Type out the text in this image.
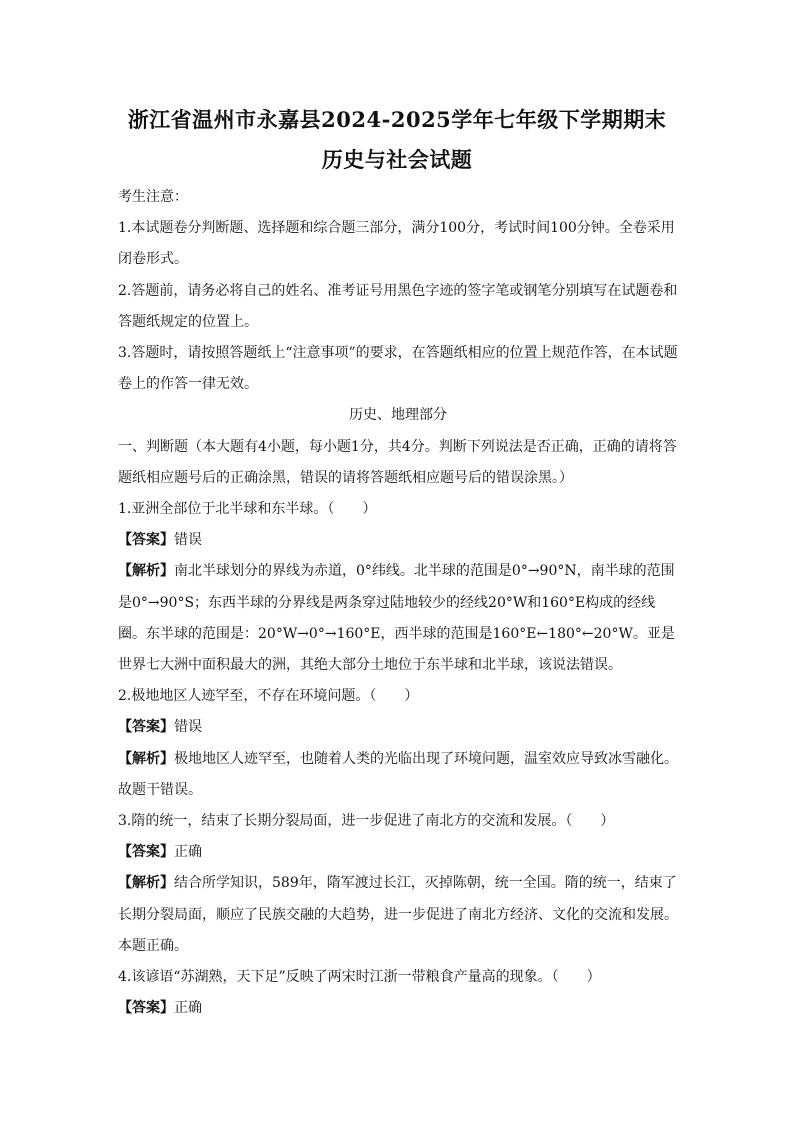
浙江省温州市永嘉县2024-2025学年七年级下学期期末
历史与社会试题

考生注意：

1.本试题卷分判断题、选择题和综合题三部分，满分100分，考试时间100分钟。全卷采用闭卷形式。

2.答题前，请务必将自己的姓名、准考证号用黑色字迹的签字笔或钢笔分别填写在试题卷和答题纸规定的位置上。

3.答题时，请按照答题纸上“注意事项”的要求，在答题纸相应的位置上规范作答，在本试题卷上的作答一律无效。

历史、地理部分

一、判断题（本大题有4小题，每小题1分，共4分。判断下列说法是否正确，正确的请将答题纸相应题号后的正确涂黑，错误的请将答题纸相应题号后的错误涂黑。）

1.亚洲全部位于北半球和东半球。（　　）

【答案】错误

【解析】南北半球划分的界线为赤道，0°纬线。北半球的范围是0°→90°N，南半球的范围是0°→90°S；东西半球的分界线是两条穿过陆地较少的经线20°W和160°E构成的经线圈。东半球的范围是：20°W→0°→160°E，西半球的范围是160°E←180°←20°W。亚是世界七大洲中面积最大的洲，其绝大部分土地位于东半球和北半球，该说法错误。

2.极地地区人迹罕至，不存在环境问题。（　　）

【答案】错误

【解析】极地地区人迹罕至，也随着人类的光临出现了环境问题，温室效应导致冰雪融化。故题干错误。

3.隋的统一，结束了长期分裂局面，进一步促进了南北方的交流和发展。（　　）

【答案】正确

【解析】结合所学知识，589年，隋军渡过长江，灭掉陈朝，统一全国。隋的统一，结束了长期分裂局面，顺应了民族交融的大趋势，进一步促进了南北方经济、文化的交流和发展。本题正确。

4.该谚语“苏湖熟，天下足”反映了两宋时江浙一带粮食产量高的现象。（　　）

【答案】正确
